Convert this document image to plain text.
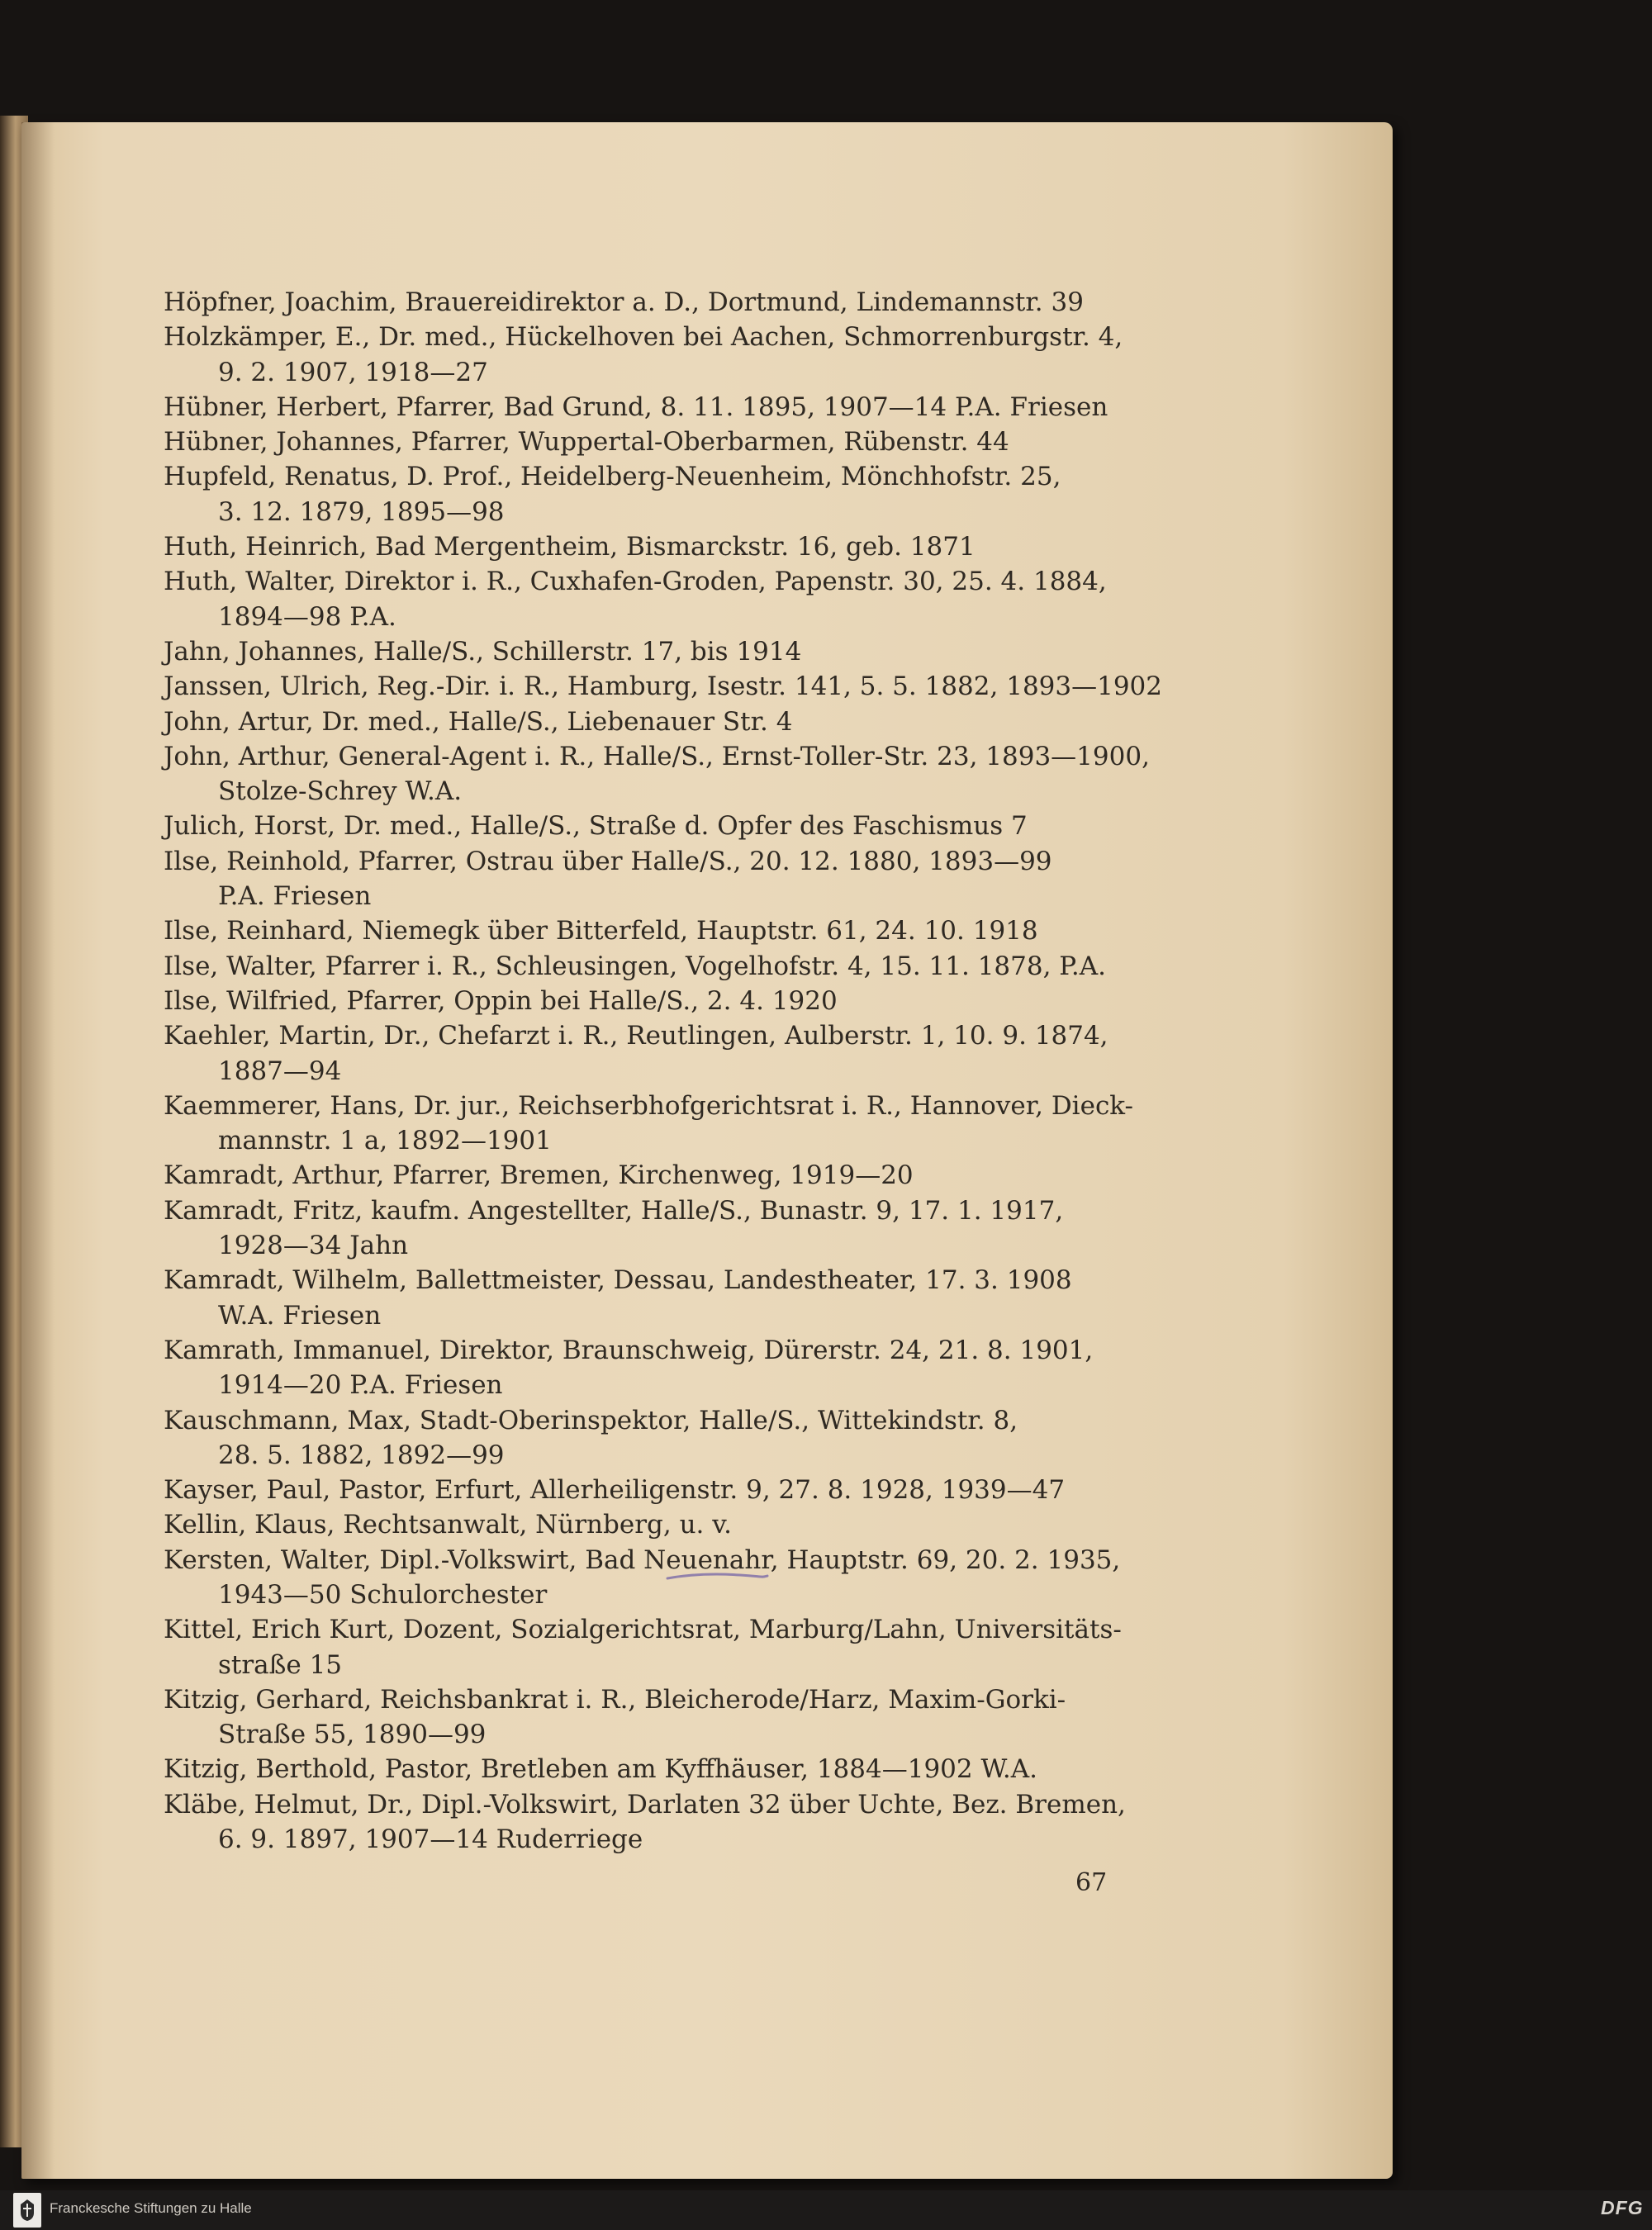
Höpfner, Joachim, Brauereidirektor a. D., Dortmund, Lindemannstr. 39

Holzkämper, E., Dr. med., Hückelhoven bei Aachen, Schmorrenburgstr. 4,
9. 2. 1907, 1918—27

Hübner, Herbert, Pfarrer, Bad Grund, 8. 11. 1895, 1907—14 P.A. Friesen

Hübner, Johannes, Pfarrer, Wuppertal-Oberbarmen, Rübenstr. 44

Hupfeld, Renatus, D. Prof., Heidelberg-Neuenheim, Mönchhofstr. 25,
3. 12. 1879, 1895—98

Huth, Heinrich, Bad Mergentheim, Bismarckstr. 16, geb. 1871

Huth, Walter, Direktor i. R., Cuxhafen-Groden, Papenstr. 30, 25. 4. 1884,
1894—98 P.A.

Jahn, Johannes, Halle/S., Schillerstr. 17, bis 1914

Janssen, Ulrich, Reg.-Dir. i. R., Hamburg, Isestr. 141, 5. 5. 1882, 1893—1902

John, Artur, Dr. med., Halle/S., Liebenauer Str. 4

John, Arthur, General-Agent i. R., Halle/S., Ernst-Toller-Str. 23, 1893—1900,
Stolze-Schrey W.A.

Julich, Horst, Dr. med., Halle/S., Straße d. Opfer des Faschismus 7

Ilse, Reinhold, Pfarrer, Ostrau über Halle/S., 20. 12. 1880, 1893—99
P.A. Friesen

Ilse, Reinhard, Niemegk über Bitterfeld, Hauptstr. 61, 24. 10. 1918

Ilse, Walter, Pfarrer i. R., Schleusingen, Vogelhofstr. 4, 15. 11. 1878, P.A.

Ilse, Wilfried, Pfarrer, Oppin bei Halle/S., 2. 4. 1920

Kaehler, Martin, Dr., Chefarzt i. R., Reutlingen, Aulberstr. 1, 10. 9. 1874,
1887—94

Kaemmerer, Hans, Dr. jur., Reichserbhofgerichtsrat i. R., Hannover, Dieck-
mannstr. 1 a, 1892—1901

Kamradt, Arthur, Pfarrer, Bremen, Kirchenweg, 1919—20

Kamradt, Fritz, kaufm. Angestellter, Halle/S., Bunastr. 9, 17. 1. 1917,
1928—34 Jahn

Kamradt, Wilhelm, Ballettmeister, Dessau, Landestheater, 17. 3. 1908
W.A. Friesen

Kamrath, Immanuel, Direktor, Braunschweig, Dürerstr. 24, 21. 8. 1901,
1914—20 P.A. Friesen

Kauschmann, Max, Stadt-Oberinspektor, Halle/S., Wittekindstr. 8,
28. 5. 1882, 1892—99

Kayser, Paul, Pastor, Erfurt, Allerheiligenstr. 9, 27. 8. 1928, 1939—47

Kellin, Klaus, Rechtsanwalt, Nürnberg, u. v.

Kersten, Walter, Dipl.-Volkswirt, Bad Neuenahr, Hauptstr. 69, 20. 2. 1935,
1943—50 Schulorchester

Kittel, Erich Kurt, Dozent, Sozialgerichtsrat, Marburg/Lahn, Universitäts-
straße 15

Kitzig, Gerhard, Reichsbankrat i. R., Bleicherode/Harz, Maxim-Gorki-
Straße 55, 1890—99

Kitzig, Berthold, Pastor, Bretleben am Kyffhäuser, 1884—1902 W.A.

Kläbe, Helmut, Dr., Dipl.-Volkswirt, Darlaten 32 über Uchte, Bez. Bremen,
6. 9. 1897, 1907—14 Ruderriege

67
Franckesche Stiftungen zu Halle	DFG
